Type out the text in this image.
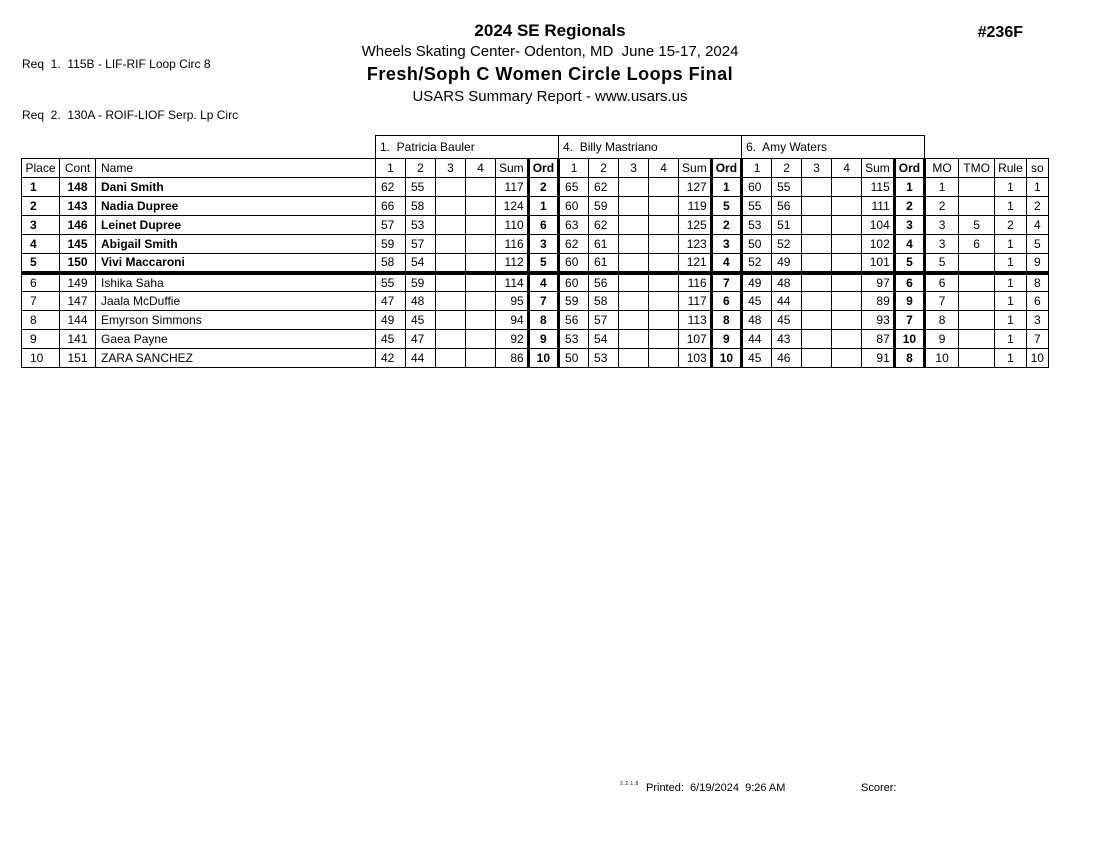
Req  1.  115B - LIF-RIF Loop Circ 8

Req  2.  130A - ROIF-LIOF Serp. Lp Circ

2024 SE Regionals
Wheels Skating Center- Odenton, MD  June 15-17, 2024
Fresh/Soph C Women Circle Loops Final
USARS Summary Report - www.usars.us
#236F
			1.  Patricia Bauler						4.  Billy Mastriano						6.  Amy Waters									
Place	Cont	Name	1	2	3	4	Sum	Ord	1	2	3	4	Sum	Ord	1	2	3	4	Sum	Ord	MO	TMO	Rule	so
1	148	Dani Smith	62	55			117	2	65	62			127	1	60	55			115	1	1		1	1
2	143	Nadia Dupree	66	58			124	1	60	59			119	5	55	56			111	2	2		1	2
3	146	Leinet Dupree	57	53			110	6	63	62			125	2	53	51			104	3	3	5	2	4
4	145	Abigail Smith	59	57			116	3	62	61			123	3	50	52			102	4	3	6	1	5
5	150	Vivi Maccaroni	58	54			112	5	60	61			121	4	52	49			101	5	5		1	9
6	149	Ishika Saha	55	59			114	4	60	56			116	7	49	48			97	6	6		1	8
7	147	Jaala McDuffie	47	48			95	7	59	58			117	6	45	44			89	9	7		1	6
8	144	Emyrson Simmons	49	45			94	8	56	57			113	8	48	45			93	7	8		1	3
9	141	Gaea Payne	45	47			92	9	53	54			107	9	44	43			87	10	9		1	7
10	151	ZARA SANCHEZ	42	44			86	10	50	53			103	10	45	46			91	8	10		1	10
2.2.1.8 Printed:  6/19/2024  9:26 AM	Scorer:
